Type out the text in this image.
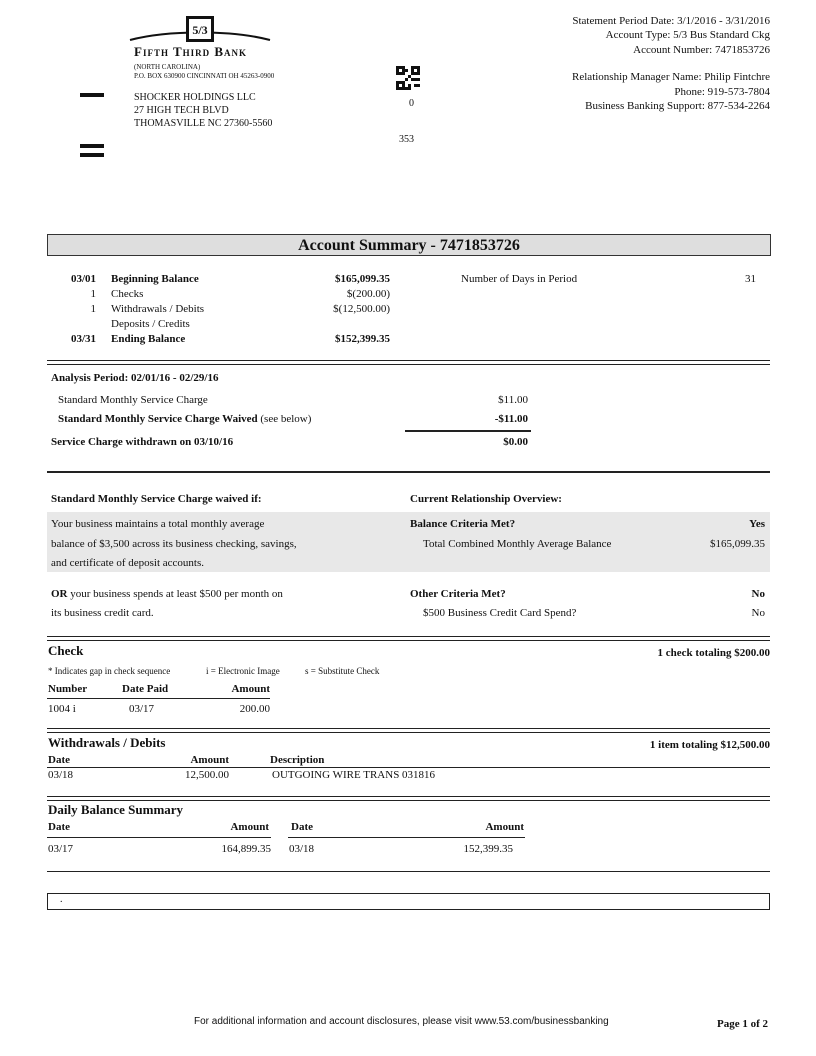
5/3
Fifth Third Bank
(NORTH CAROLINA)
P.O. BOX 630900 CINCINNATI OH 45263-0900
SHOCKER HOLDINGS LLC
27 HIGH TECH BLVD
THOMASVILLE NC 27360-5560
0
353
Statement Period Date: 3/1/2016 - 3/31/2016
Account Type: 5/3 Bus Standard Ckg
Account Number: 7471853726
Relationship Manager Name: Philip Fintchre
Phone: 919-573-7804
Business Banking Support: 877-534-2264
Account Summary - 7471853726
03/01 Beginning Balance	$165,099.35
1 Checks	$(200.00)
1 Withdrawals / Debits	$(12,500.00)
Deposits / Credits
03/31 Ending Balance	$152,399.35
Number of Days in Period	31
Analysis Period: 02/01/16 - 02/29/16
Standard Monthly Service Charge	$11.00
Standard Monthly Service Charge Waived (see below)	-$11.00
Service Charge withdrawn on 03/10/16	$0.00
Standard Monthly Service Charge waived if:	Current Relationship Overview:
Your business maintains a total monthly average
balance of $3,500 across its business checking, savings,
and certificate of deposit accounts.
Balance Criteria Met?	Yes
Total Combined Monthly Average Balance	$165,099.35
OR your business spends at least $500 per month on
its business credit card.
Other Criteria Met?	No
$500 Business Credit Card Spend?	No
Check	1 check totaling $200.00
* Indicates gap in check sequence	i = Electronic Image	s = Substitute Check
Number	Date Paid	Amount
1004 i	03/17	200.00
Withdrawals / Debits	1 item totaling $12,500.00
Date	Amount	Description
03/18	12,500.00	OUTGOING WIRE TRANS 031816
Daily Balance Summary
Date	Amount Date	Amount
03/17	164,899.35 03/18	152,399.35
.
For additional information and account disclosures, please visit www.53.com/businessbanking	Page 1 of 2
